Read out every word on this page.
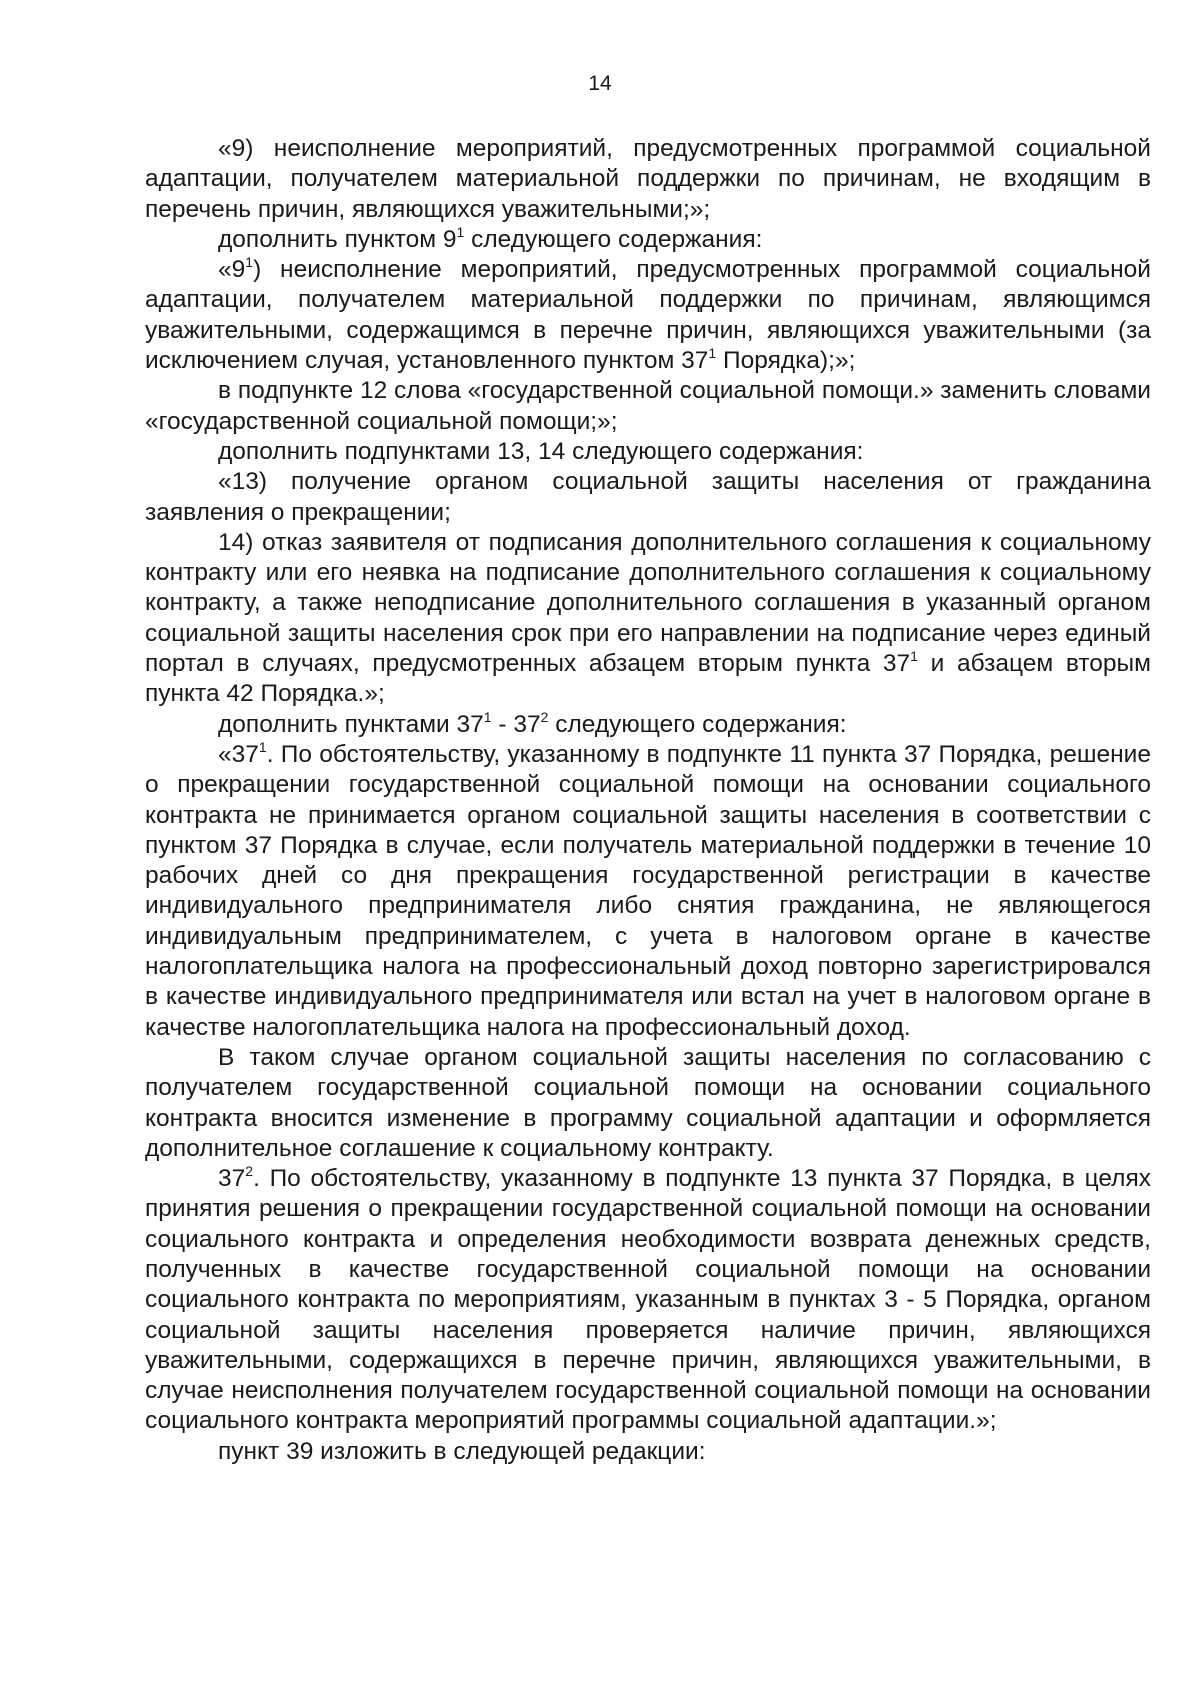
14

«9) неисполнение мероприятий, предусмотренных программой социальной адаптации, получателем материальной поддержки по причинам, не входящим в перечень причин, являющихся уважительными;»;

дополнить пунктом $9^1$ следующего содержания:

«$9^1$) неисполнение мероприятий, предусмотренных программой социальной адаптации, получателем материальной поддержки по причинам, являющимся уважительными, содержащимся в перечне причин, являющихся уважительными (за исключением случая, установленного пунктом $37^1$ Порядка);»;

в подпункте 12 слова «государственной социальной помощи.» заменить словами «государственной социальной помощи;»;

дополнить подпунктами 13, 14 следующего содержания:

«13) получение органом социальной защиты населения от гражданина заявления о прекращении;

14) отказ заявителя от подписания дополнительного соглашения к социальному контракту или его неявка на подписание дополнительного соглашения к социальному контракту, а также неподписание дополнительного соглашения в указанный органом социальной защиты населения срок при его направлении на подписание через единый портал в случаях, предусмотренных абзацем вторым пункта $37^1$ и абзацем вторым пункта 42 Порядка.»;

дополнить пунктами $37^1 - 37^2$ следующего содержания:

«$37^1$. По обстоятельству, указанному в подпункте 11 пункта 37 Порядка, решение о прекращении государственной социальной помощи на основании социального контракта не принимается органом социальной защиты населения в соответствии с пунктом 37 Порядка в случае, если получатель материальной поддержки в течение 10 рабочих дней со дня прекращения государственной регистрации в качестве индивидуального предпринимателя либо снятия гражданина, не являющегося индивидуальным предпринимателем, с учета в налоговом органе в качестве налогоплательщика налога на профессиональный доход повторно зарегистрировался в качестве индивидуального предпринимателя или встал на учет в налоговом органе в качестве налогоплательщика налога на профессиональный доход.

В таком случае органом социальной защиты населения по согласованию с получателем государственной социальной помощи на основании социального контракта вносится изменение в программу социальной адаптации и оформляется дополнительное соглашение к социальному контракту.

$37^2$. По обстоятельству, указанному в подпункте 13 пункта 37 Порядка, в целях принятия решения о прекращении государственной социальной помощи на основании социального контракта и определения необходимости возврата денежных средств, полученных в качестве государственной социальной помощи на основании социального контракта по мероприятиям, указанным в пунктах 3 - 5 Порядка, органом социальной защиты населения проверяется наличие причин, являющихся уважительными, содержащихся в перечне причин, являющихся уважительными, в случае неисполнения получателем государственной социальной помощи на основании социального контракта мероприятий программы социальной адаптации.»;

пункт 39 изложить в следующей редакции:
